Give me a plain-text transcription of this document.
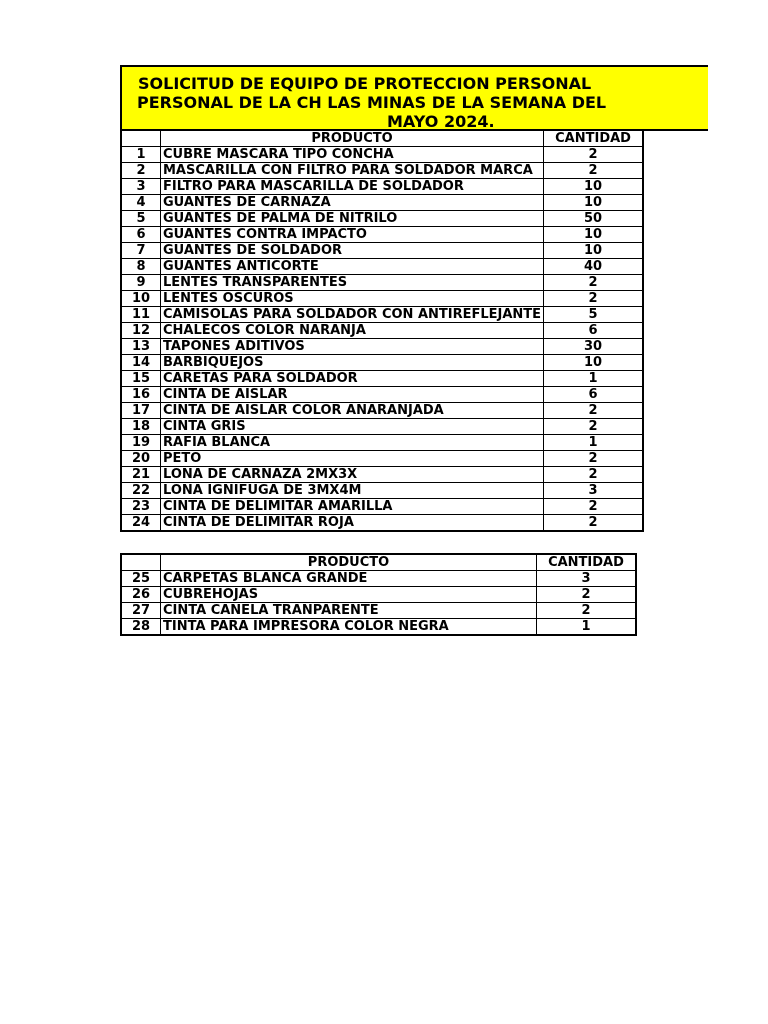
SOLICITUD DE EQUIPO DE PROTECCION PERSONAL
PERSONAL DE LA CH LAS MINAS DE LA SEMANA DEL
MAYO 2024.
	PRODUCTO	CANTIDAD
1	CUBRE MASCARA TIPO CONCHA	2
2	MASCARILLA CON FILTRO PARA SOLDADOR MARCA	2
3	FILTRO PARA MASCARILLA DE SOLDADOR	10
4	GUANTES DE CARNAZA	10
5	GUANTES DE PALMA DE NITRILO	50
6	GUANTES CONTRA IMPACTO	10
7	GUANTES DE SOLDADOR	10
8	GUANTES ANTICORTE	40
9	LENTES TRANSPARENTES	2
10	LENTES OSCUROS	2
11	CAMISOLAS PARA SOLDADOR CON ANTIREFLEJANTE	5
12	CHALECOS COLOR NARANJA	6
13	TAPONES ADITIVOS	30
14	BARBIQUEJOS	10
15	CARETAS PARA SOLDADOR	1
16	CINTA DE AISLAR	6
17	CINTA DE AISLAR COLOR ANARANJADA	2
18	CINTA GRIS	2
19	RAFIA BLANCA	1
20	PETO	2
21	LONA DE CARNAZA 2MX3X	2
22	LONA IGNIFUGA DE 3MX4M	3
23	CINTA DE DELIMITAR AMARILLA	2
24	CINTA DE DELIMITAR ROJA	2
	PRODUCTO	CANTIDAD
25	CARPETAS BLANCA GRANDE	3
26	CUBREHOJAS	2
27	CINTA CANELA TRANPARENTE	2
28	TINTA PARA IMPRESORA COLOR NEGRA	1
